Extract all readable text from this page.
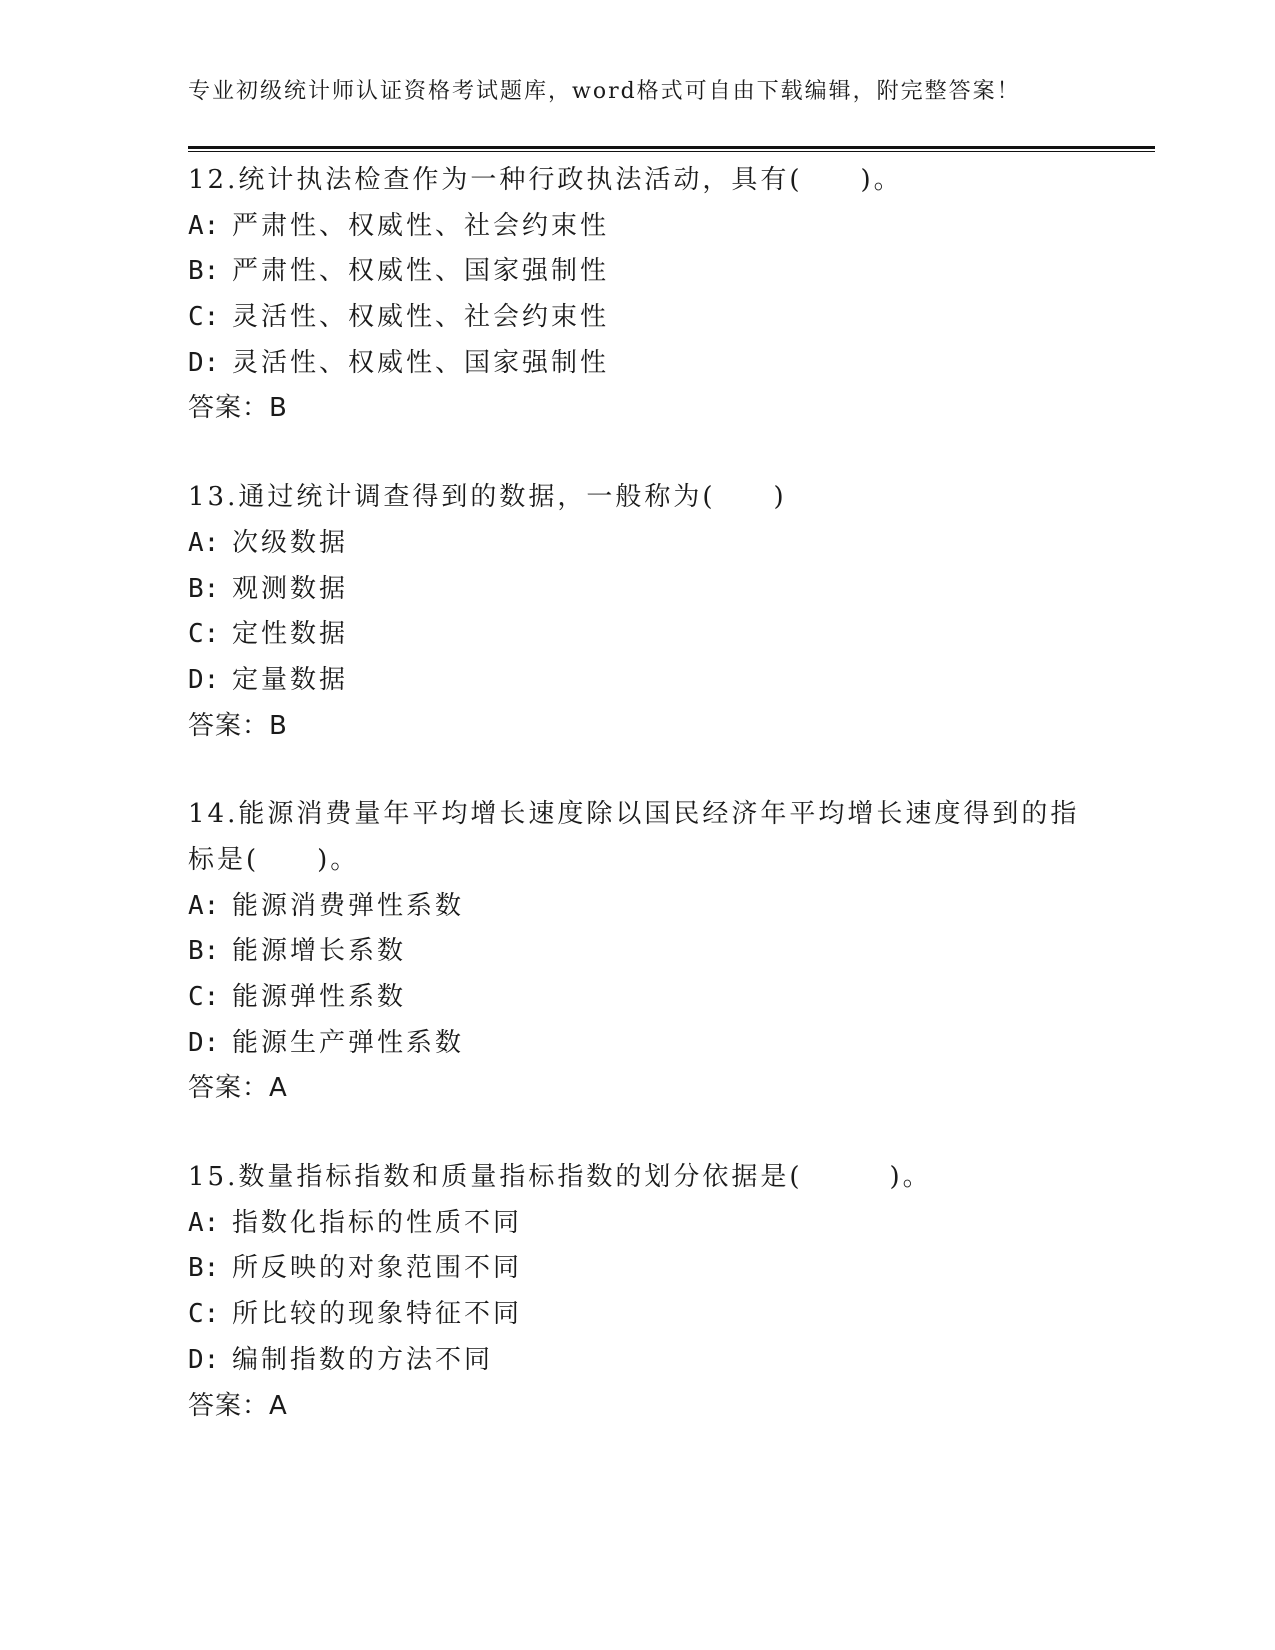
专业初级统计师认证资格考试题库，word格式可自由下载编辑，附完整答案！
12.统计执法检查作为一种行政执法活动，具有(　　)。
A: 严肃性、权威性、社会约束性
B: 严肃性、权威性、国家强制性
C: 灵活性、权威性、社会约束性
D: 灵活性、权威性、国家强制性
答案：B
13.通过统计调查得到的数据，一般称为(　　)
A: 次级数据
B: 观测数据
C: 定性数据
D: 定量数据
答案：B
14.能源消费量年平均增长速度除以国民经济年平均增长速度得到的指
标是(　　)。
A: 能源消费弹性系数
B: 能源增长系数
C: 能源弹性系数
D: 能源生产弹性系数
答案：A
15.数量指标指数和质量指标指数的划分依据是(　　　)。
A: 指数化指标的性质不同
B: 所反映的对象范围不同
C: 所比较的现象特征不同
D: 编制指数的方法不同
答案：A
